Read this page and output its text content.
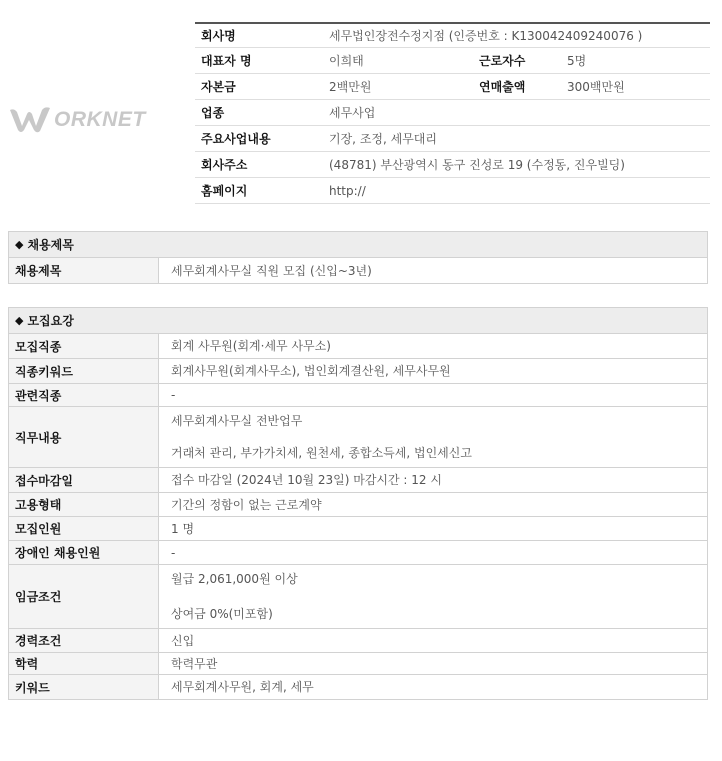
ORKNET
회사명	세무법인장전수정지점 (인증번호 : K130042409240076 )
대표자 명	이희태	근로자수	5명
자본금	2백만원	연매출액	300백만원
업종	세무사업
주요사업내용	기장, 조정, 세무대리
회사주소	(48781) 부산광역시 동구 진성로 19 (수정동, 진우빌딩)
홈페이지	http://
◆ 채용제목
채용제목	세무회계사무실 직원 모집 (신입~3년)
◆ 모집요강
모집직종	회계 사무원(회계·세무 사무소)
직종키워드	회계사무원(회계사무소), 법인회계결산원, 세무사무원
관련직종	-
직무내용
세무회계사무실 전반업무
거래처 관리, 부가가치세, 원천세, 종합소득세, 법인세신고
접수마감일	접수 마감일 (2024년 10월 23일) 마감시간 : 12 시
고용형태	기간의 정함이 없는 근로계약
모집인원	1 명
장애인 채용인원	-
임금조건
월급 2,061,000원 이상
상여금 0%(미포함)
경력조건	신입
학력	학력무관
키워드	세무회계사무원, 회계, 세무
